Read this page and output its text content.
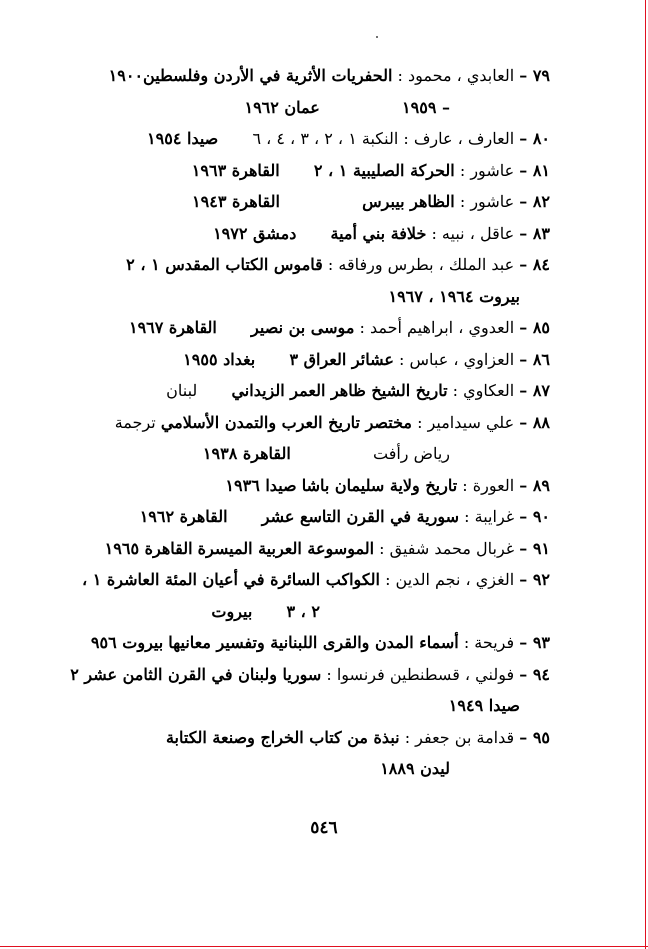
٧٩ – العابدي ، محمود : الحفريات الأثرية في الأردن وفلسطين١٩٠٠
– ١٩٥٩  عمان ١٩٦٢
٨٠ – العارف ، عارف : النكبة ١ ، ٢ ، ٣ ، ٤ ، ٦  صيدا ١٩٥٤
٨١ – عاشور : الحركة الصليبية ١ ، ٢  القاهرة ١٩٦٣
٨٢ – عاشور : الظاهر بيبرس  القاهرة ١٩٤٣
٨٣ – عاقل ، نبيه : خلافة بني أمية  دمشق ١٩٧٢
٨٤ – عبد الملك ، بطرس ورفاقه : قاموس الكتاب المقدس ١ ، ٢
بيروت ١٩٦٤ ، ١٩٦٧
٨٥ – العدوي ، ابراهيم أحمد : موسى بن نصير  القاهرة ١٩٦٧
٨٦ – العزاوي ، عباس : عشائر العراق ٣  بغداد ١٩٥٥
٨٧ – العكاوي : تاريخ الشيخ ظاهر العمر الزيداني  لبنان
٨٨ – علي سيدامير : مختصر تاريخ العرب والتمدن الأسلامي ترجمة
رياض رأفت  القاهرة ١٩٣٨
٨٩ – العورة : تاريخ ولاية سليمان باشا صيدا ١٩٣٦
٩٠ – غرايبة : سورية في القرن التاسع عشر  القاهرة ١٩٦٢
٩١ – غربال محمد شفيق : الموسوعة العربية الميسرة القاهرة ١٩٦٥
٩٢ – الغزي ، نجم الدين : الكواكب السائرة في أعيان المئة العاشرة ١ ،
٢ ، ٣  بيروت
٩٣ – فريحة : أسماء المدن والقرى اللبنانية وتفسير معانيها بيروت ٩٥٦
٩٤ – فولني ، قسطنطين فرنسوا : سوريا ولبنان في القرن الثامن عشر ٢
صيدا ١٩٤٩
٩٥ – قدامة بن جعفر : نبذة من كتاب الخراج وصنعة الكتابة
ليدن ١٨٨٩
٥٤٦
